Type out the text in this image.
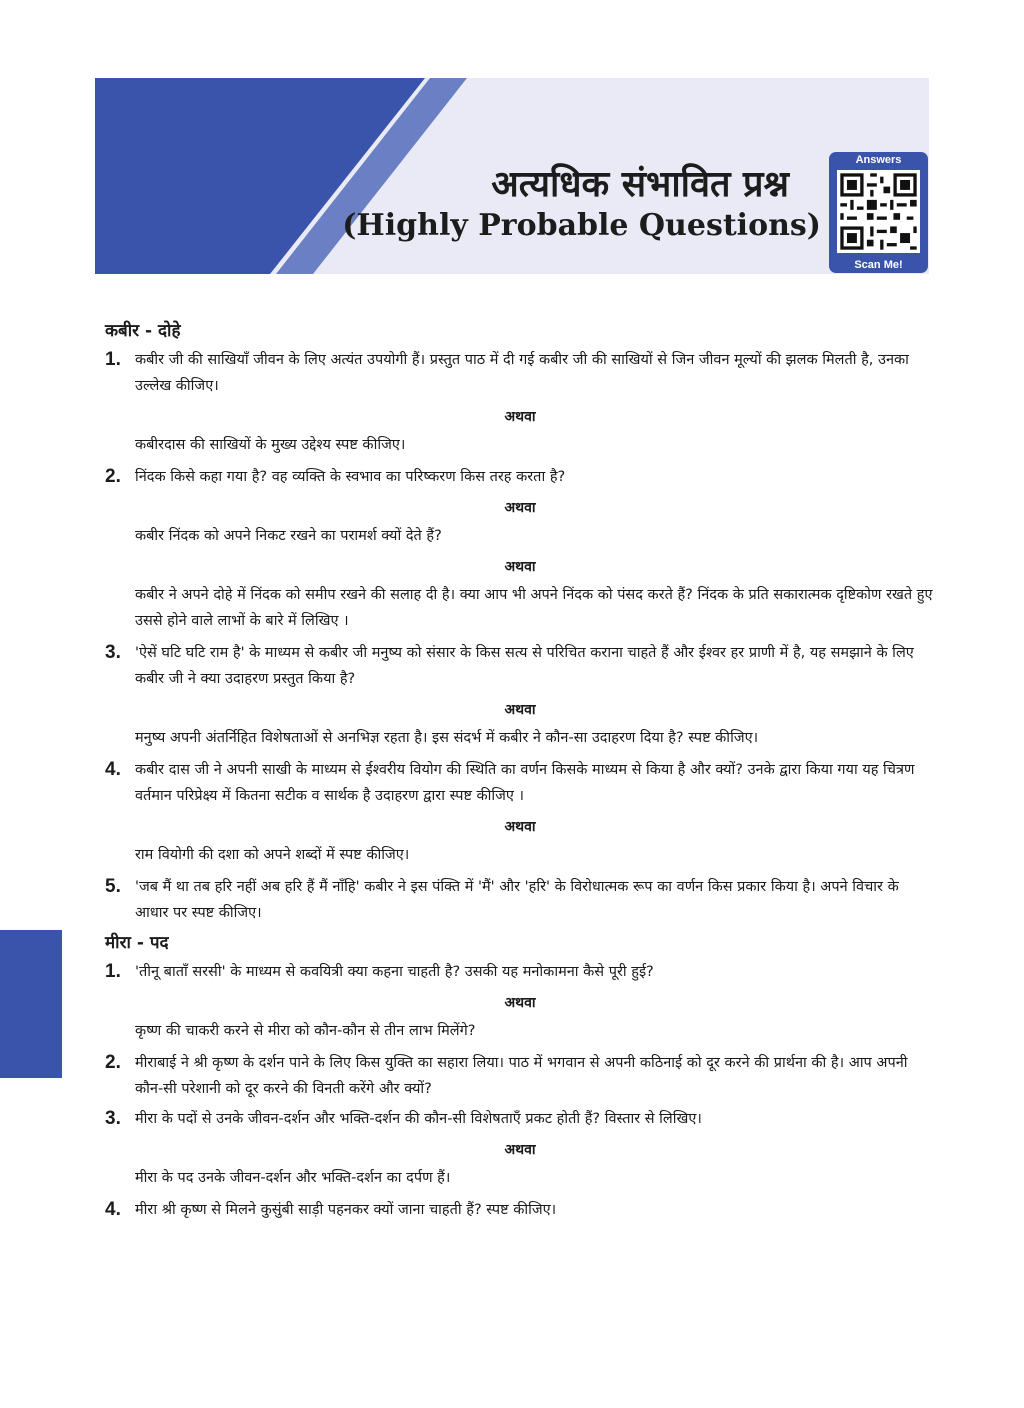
अत्यधिक संभावित प्रश्न
(Highly Probable Questions)
Answers
Scan Me!
कबीर - दोहे
1. कबीर जी की साखियाँ जीवन के लिए अत्यंत उपयोगी हैं। प्रस्तुत पाठ में दी गई कबीर जी की साखियों से जिन जीवन मूल्यों की झलक मिलती है, उनका उल्लेख कीजिए।
अथवा
कबीरदास की साखियों के मुख्य उद्देश्य स्पष्ट कीजिए।
2. निंदक किसे कहा गया है? वह व्यक्ति के स्वभाव का परिष्करण किस तरह करता है?
अथवा
कबीर निंदक को अपने निकट रखने का परामर्श क्यों देते हैं?
अथवा
कबीर ने अपने दोहे में निंदक को समीप रखने की सलाह दी है। क्या आप भी अपने निंदक को पंसद करते हैं? निंदक के प्रति सकारात्मक दृष्टिकोण रखते हुए उससे होने वाले लाभों के बारे में लिखिए ।
3. 'ऐसें घटि घटि राम है' के माध्यम से कबीर जी मनुष्य को संसार के किस सत्य से परिचित कराना चाहते हैं और ईश्वर हर प्राणी में है, यह समझाने के लिए कबीर जी ने क्या उदाहरण प्रस्तुत किया है?
अथवा
मनुष्य अपनी अंतर्निहित विशेषताओं से अनभिज्ञ रहता है। इस संदर्भ में कबीर ने कौन-सा उदाहरण दिया है? स्पष्ट कीजिए।
4. कबीर दास जी ने अपनी साखी के माध्यम से ईश्वरीय वियोग की स्थिति का वर्णन किसके माध्यम से किया है और क्यों? उनके द्वारा किया गया यह चित्रण वर्तमान परिप्रेक्ष्य में कितना सटीक व सार्थक है उदाहरण द्वारा स्पष्ट कीजिए ।
अथवा
राम वियोगी की दशा को अपने शब्दों में स्पष्ट कीजिए।
5. 'जब मैं था तब हरि नहीं अब हरि हैं मैं नाँहि' कबीर ने इस पंक्ति में 'मैं' और 'हरि' के विरोधात्मक रूप का वर्णन किस प्रकार किया है। अपने विचार के आधार पर स्पष्ट कीजिए।
मीरा - पद
1. 'तीनू बाताँ सरसी' के माध्यम से कवयित्री क्या कहना चाहती है? उसकी यह मनोकामना कैसे पूरी हुई?
अथवा
कृष्ण की चाकरी करने से मीरा को कौन-कौन से तीन लाभ मिलेंगे?
2. मीराबाई ने श्री कृष्ण के दर्शन पाने के लिए किस युक्ति का सहारा लिया। पाठ में भगवान से अपनी कठिनाई को दूर करने की प्रार्थना की है। आप अपनी कौन-सी परेशानी को दूर करने की विनती करेंगे और क्यों?
3. मीरा के पदों से उनके जीवन-दर्शन और भक्ति-दर्शन की कौन-सी विशेषताएँ प्रकट होती हैं? विस्तार से लिखिए।
अथवा
मीरा के पद उनके जीवन-दर्शन और भक्ति-दर्शन का दर्पण हैं।
4. मीरा श्री कृष्ण से मिलने कुसुंबी साड़ी पहनकर क्यों जाना चाहती हैं? स्पष्ट कीजिए।
